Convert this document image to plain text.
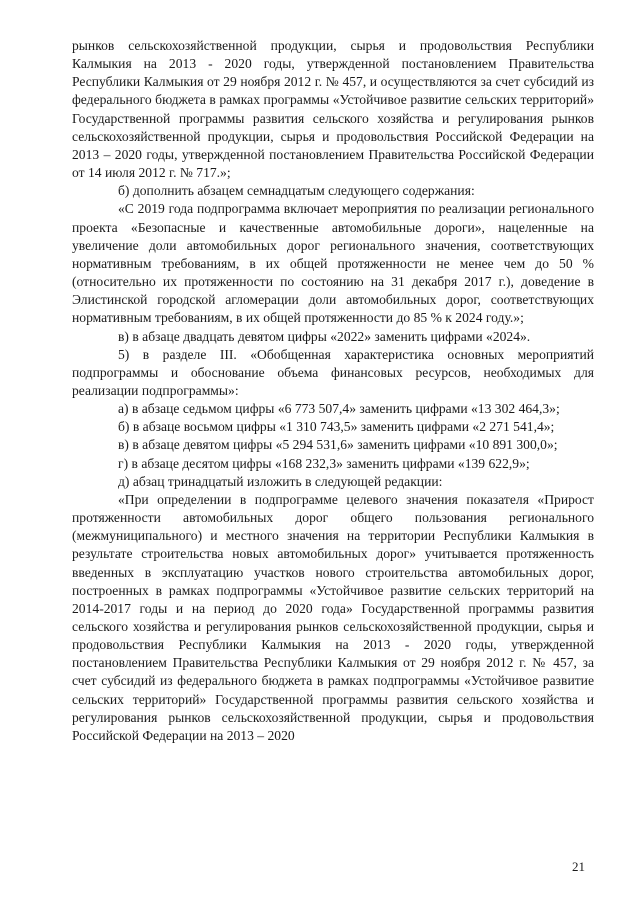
рынков сельскохозяйственной продукции, сырья и продовольствия Республики Калмыкия на 2013 - 2020 годы, утвержденной постановлением Правительства Республики Калмыкия от 29 ноября 2012 г. № 457, и осуществляются за счет субсидий из федерального бюджета в рамках программы «Устойчивое развитие сельских территорий» Государственной программы развития сельского хозяйства и регулирования рынков сельскохозяйственной продукции, сырья и продовольствия Российской Федерации на 2013 – 2020 годы, утвержденной постановлением Правительства Российской Федерации от 14 июля 2012 г. № 717.»;

б) дополнить абзацем семнадцатым следующего содержания:

«С 2019 года подпрограмма включает мероприятия по реализации регионального проекта «Безопасные и качественные автомобильные дороги», нацеленные на увеличение доли автомобильных дорог регионального значения, соответствующих нормативным требованиям, в их общей протяженности не менее чем до 50 % (относительно их протяженности по состоянию на 31 декабря 2017 г.), доведение в Элистинской городской агломерации доли автомобильных дорог, соответствующих нормативным требованиям, в их общей протяженности до 85 % к 2024 году.»;

в) в абзаце двадцать девятом цифры «2022» заменить цифрами «2024».

5) в разделе III. «Обобщенная характеристика основных мероприятий подпрограммы и обоснование объема финансовых ресурсов, необходимых для реализации подпрограммы»:

а) в абзаце седьмом цифры «6 773 507,4» заменить цифрами «13 302 464,3»;

б) в абзаце восьмом цифры «1 310 743,5» заменить цифрами «2 271 541,4»;

в) в абзаце девятом цифры «5 294 531,6» заменить цифрами «10 891 300,0»;

г) в абзаце десятом цифры «168 232,3» заменить цифрами «139 622,9»;

д) абзац тринадцатый изложить в следующей редакции:

«При определении в подпрограмме целевого значения показателя «Прирост протяженности автомобильных дорог общего пользования регионального (межмуниципального) и местного значения на территории Республики Калмыкия в результате строительства новых автомобильных дорог» учитывается протяженность введенных в эксплуатацию участков нового строительства автомобильных дорог, построенных в рамках подпрограммы «Устойчивое развитие сельских территорий на 2014-2017 годы и на период до 2020 года» Государственной программы развития сельского хозяйства и регулирования рынков сельскохозяйственной продукции, сырья и продовольствия Республики Калмыкия на 2013 - 2020 годы, утвержденной постановлением Правительства Республики Калмыкия от 29 ноября 2012 г. № 457, за счет субсидий из федерального бюджета в рамках подпрограммы «Устойчивое развитие сельских территорий» Государственной программы развития сельского хозяйства и регулирования рынков сельскохозяйственной продукции, сырья и продовольствия Российской Федерации на 2013 – 2020

21
